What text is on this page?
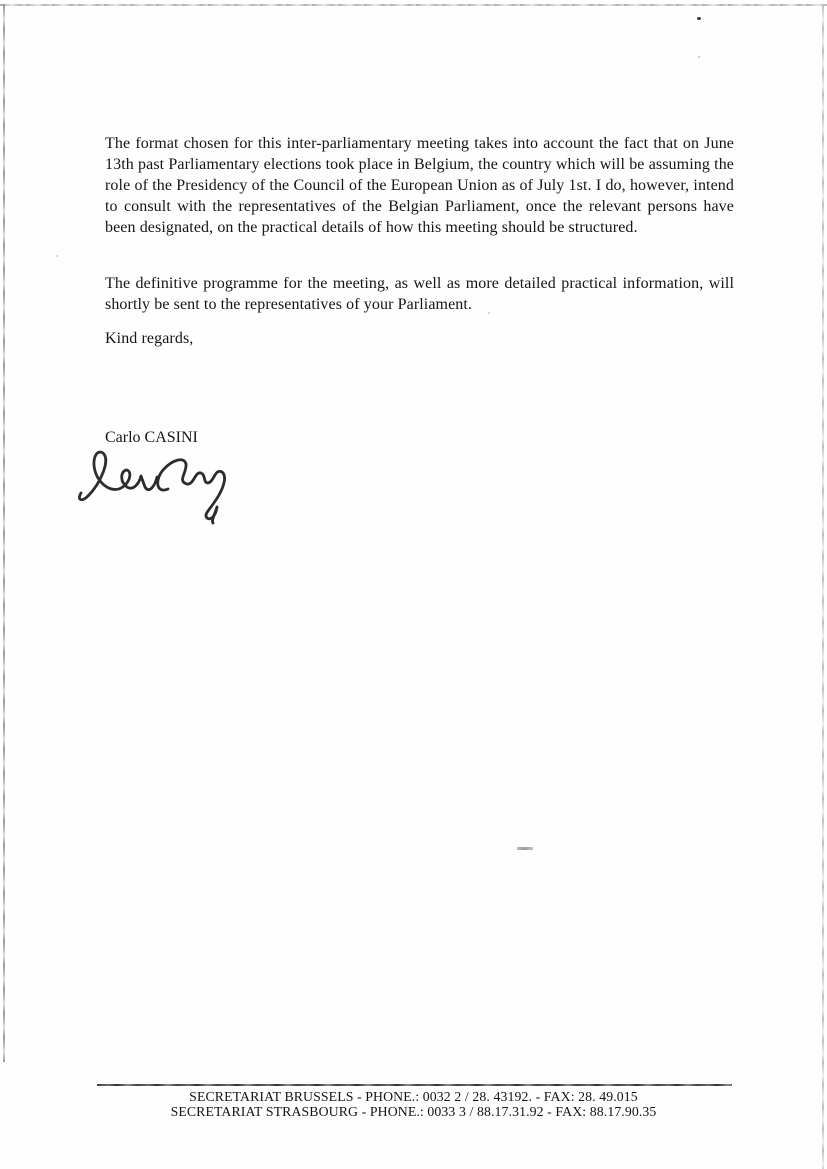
The format chosen for this inter-parliamentary meeting takes into account the fact that on June 13th past Parliamentary elections took place in Belgium, the country which will be assuming the role of the Presidency of the Council of the European Union as of July 1st. I do, however, intend to consult with the representatives of the Belgian Parliament, once the relevant persons have been designated, on the practical details of how this meeting should be structured.

The definitive programme for the meeting, as well as more detailed practical information, will shortly be sent to the representatives of your Parliament.

Kind regards,

Carlo CASINI
SECRETARIAT BRUSSELS - PHONE.: 0032 2 / 28. 43192. - FAX: 28. 49.015
SECRETARIAT STRASBOURG - PHONE.: 0033 3 / 88.17.31.92 - FAX: 88.17.90.35
